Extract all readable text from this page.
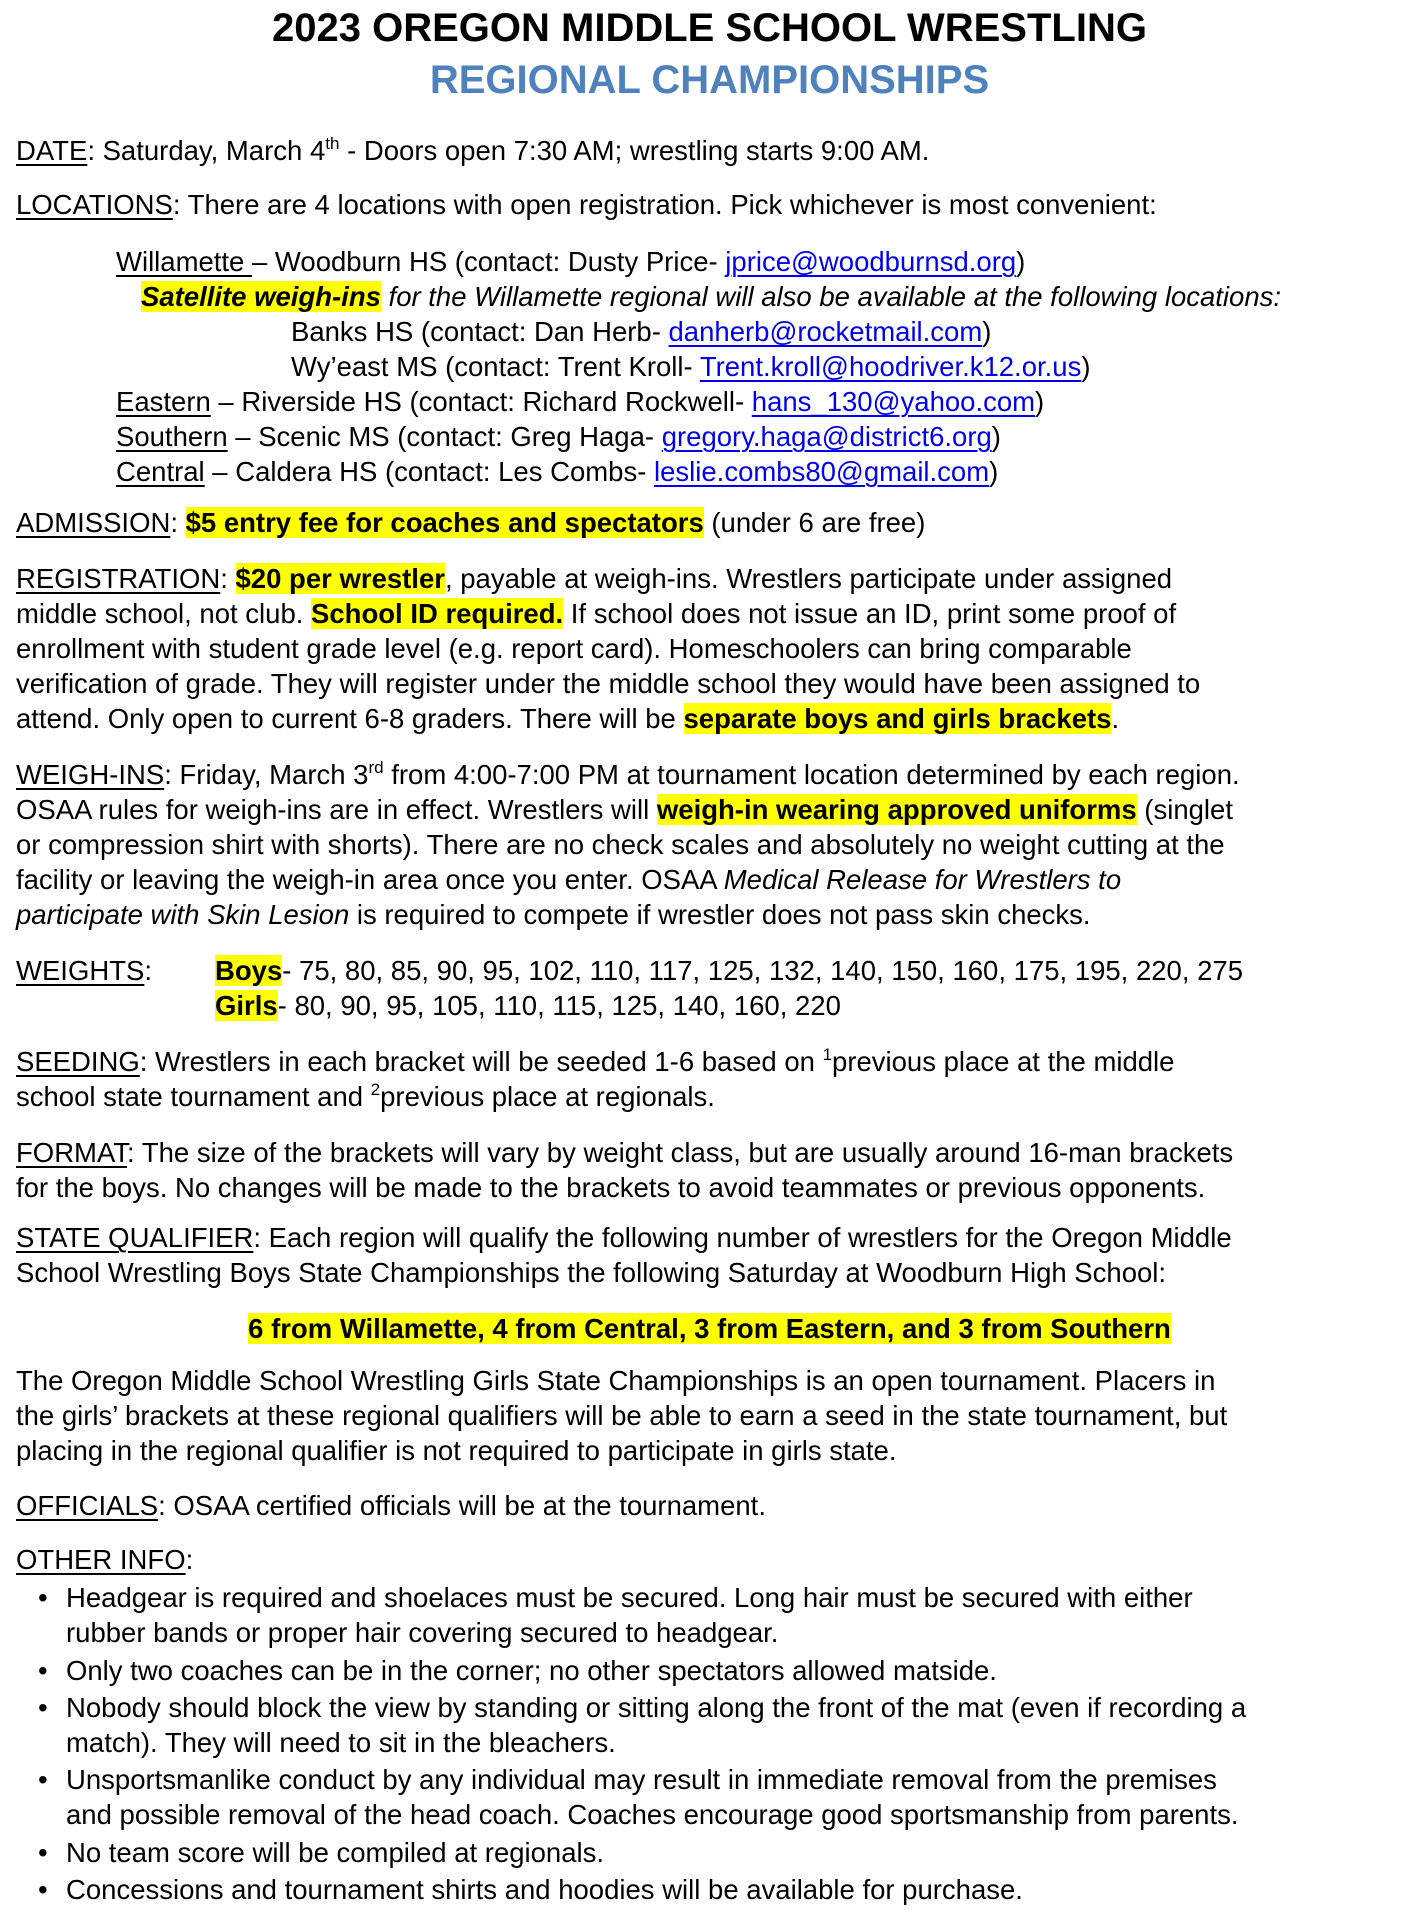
2023 OREGON MIDDLE SCHOOL WRESTLING
REGIONAL CHAMPIONSHIPS
DATE: Saturday, March 4th - Doors open 7:30 AM; wrestling starts 9:00 AM.
LOCATIONS: There are 4 locations with open registration. Pick whichever is most convenient:
Willamette – Woodburn HS (contact: Dusty Price- jprice@woodburnsd.org)
Satellite weigh-ins for the Willamette regional will also be available at the following locations:
Banks HS (contact: Dan Herb- danherb@rocketmail.com)
Wy’east MS (contact: Trent Kroll- Trent.kroll@hoodriver.k12.or.us)
Eastern – Riverside HS (contact: Richard Rockwell- hans_130@yahoo.com)
Southern – Scenic MS (contact: Greg Haga- gregory.haga@district6.org)
Central – Caldera HS (contact: Les Combs- leslie.combs80@gmail.com)
ADMISSION: $5 entry fee for coaches and spectators (under 6 are free)
REGISTRATION: $20 per wrestler, payable at weigh-ins. Wrestlers participate under assigned
middle school, not club. School ID required. If school does not issue an ID, print some proof of
enrollment with student grade level (e.g. report card). Homeschoolers can bring comparable
verification of grade. They will register under the middle school they would have been assigned to
attend. Only open to current 6-8 graders. There will be separate boys and girls brackets.
WEIGH-INS: Friday, March 3rd from 4:00-7:00 PM at tournament location determined by each region.
OSAA rules for weigh-ins are in effect. Wrestlers will weigh-in wearing approved uniforms (singlet
or compression shirt with shorts). There are no check scales and absolutely no weight cutting at the
facility or leaving the weigh-in area once you enter. OSAA Medical Release for Wrestlers to
participate with Skin Lesion is required to compete if wrestler does not pass skin checks.
WEIGHTS: Boys- 75, 80, 85, 90, 95, 102, 110, 117, 125, 132, 140, 150, 160, 175, 195, 220, 275
Girls- 80, 90, 95, 105, 110, 115, 125, 140, 160, 220
SEEDING: Wrestlers in each bracket will be seeded 1-6 based on $^1$previous place at the middle
school state tournament and $^2$previous place at regionals.
FORMAT: The size of the brackets will vary by weight class, but are usually around 16-man brackets
for the boys. No changes will be made to the brackets to avoid teammates or previous opponents.
STATE QUALIFIER: Each region will qualify the following number of wrestlers for the Oregon Middle
School Wrestling Boys State Championships the following Saturday at Woodburn High School:
6 from Willamette, 4 from Central, 3 from Eastern, and 3 from Southern
The Oregon Middle School Wrestling Girls State Championships is an open tournament. Placers in
the girls’ brackets at these regional qualifiers will be able to earn a seed in the state tournament, but
placing in the regional qualifier is not required to participate in girls state.
OFFICIALS: OSAA certified officials will be at the tournament.
OTHER INFO:
• Headgear is required and shoelaces must be secured. Long hair must be secured with either
rubber bands or proper hair covering secured to headgear.
• Only two coaches can be in the corner; no other spectators allowed matside.
• Nobody should block the view by standing or sitting along the front of the mat (even if recording a
match). They will need to sit in the bleachers.
• Unsportsmanlike conduct by any individual may result in immediate removal from the premises
and possible removal of the head coach. Coaches encourage good sportsmanship from parents.
• No team score will be compiled at regionals.
• Concessions and tournament shirts and hoodies will be available for purchase.
